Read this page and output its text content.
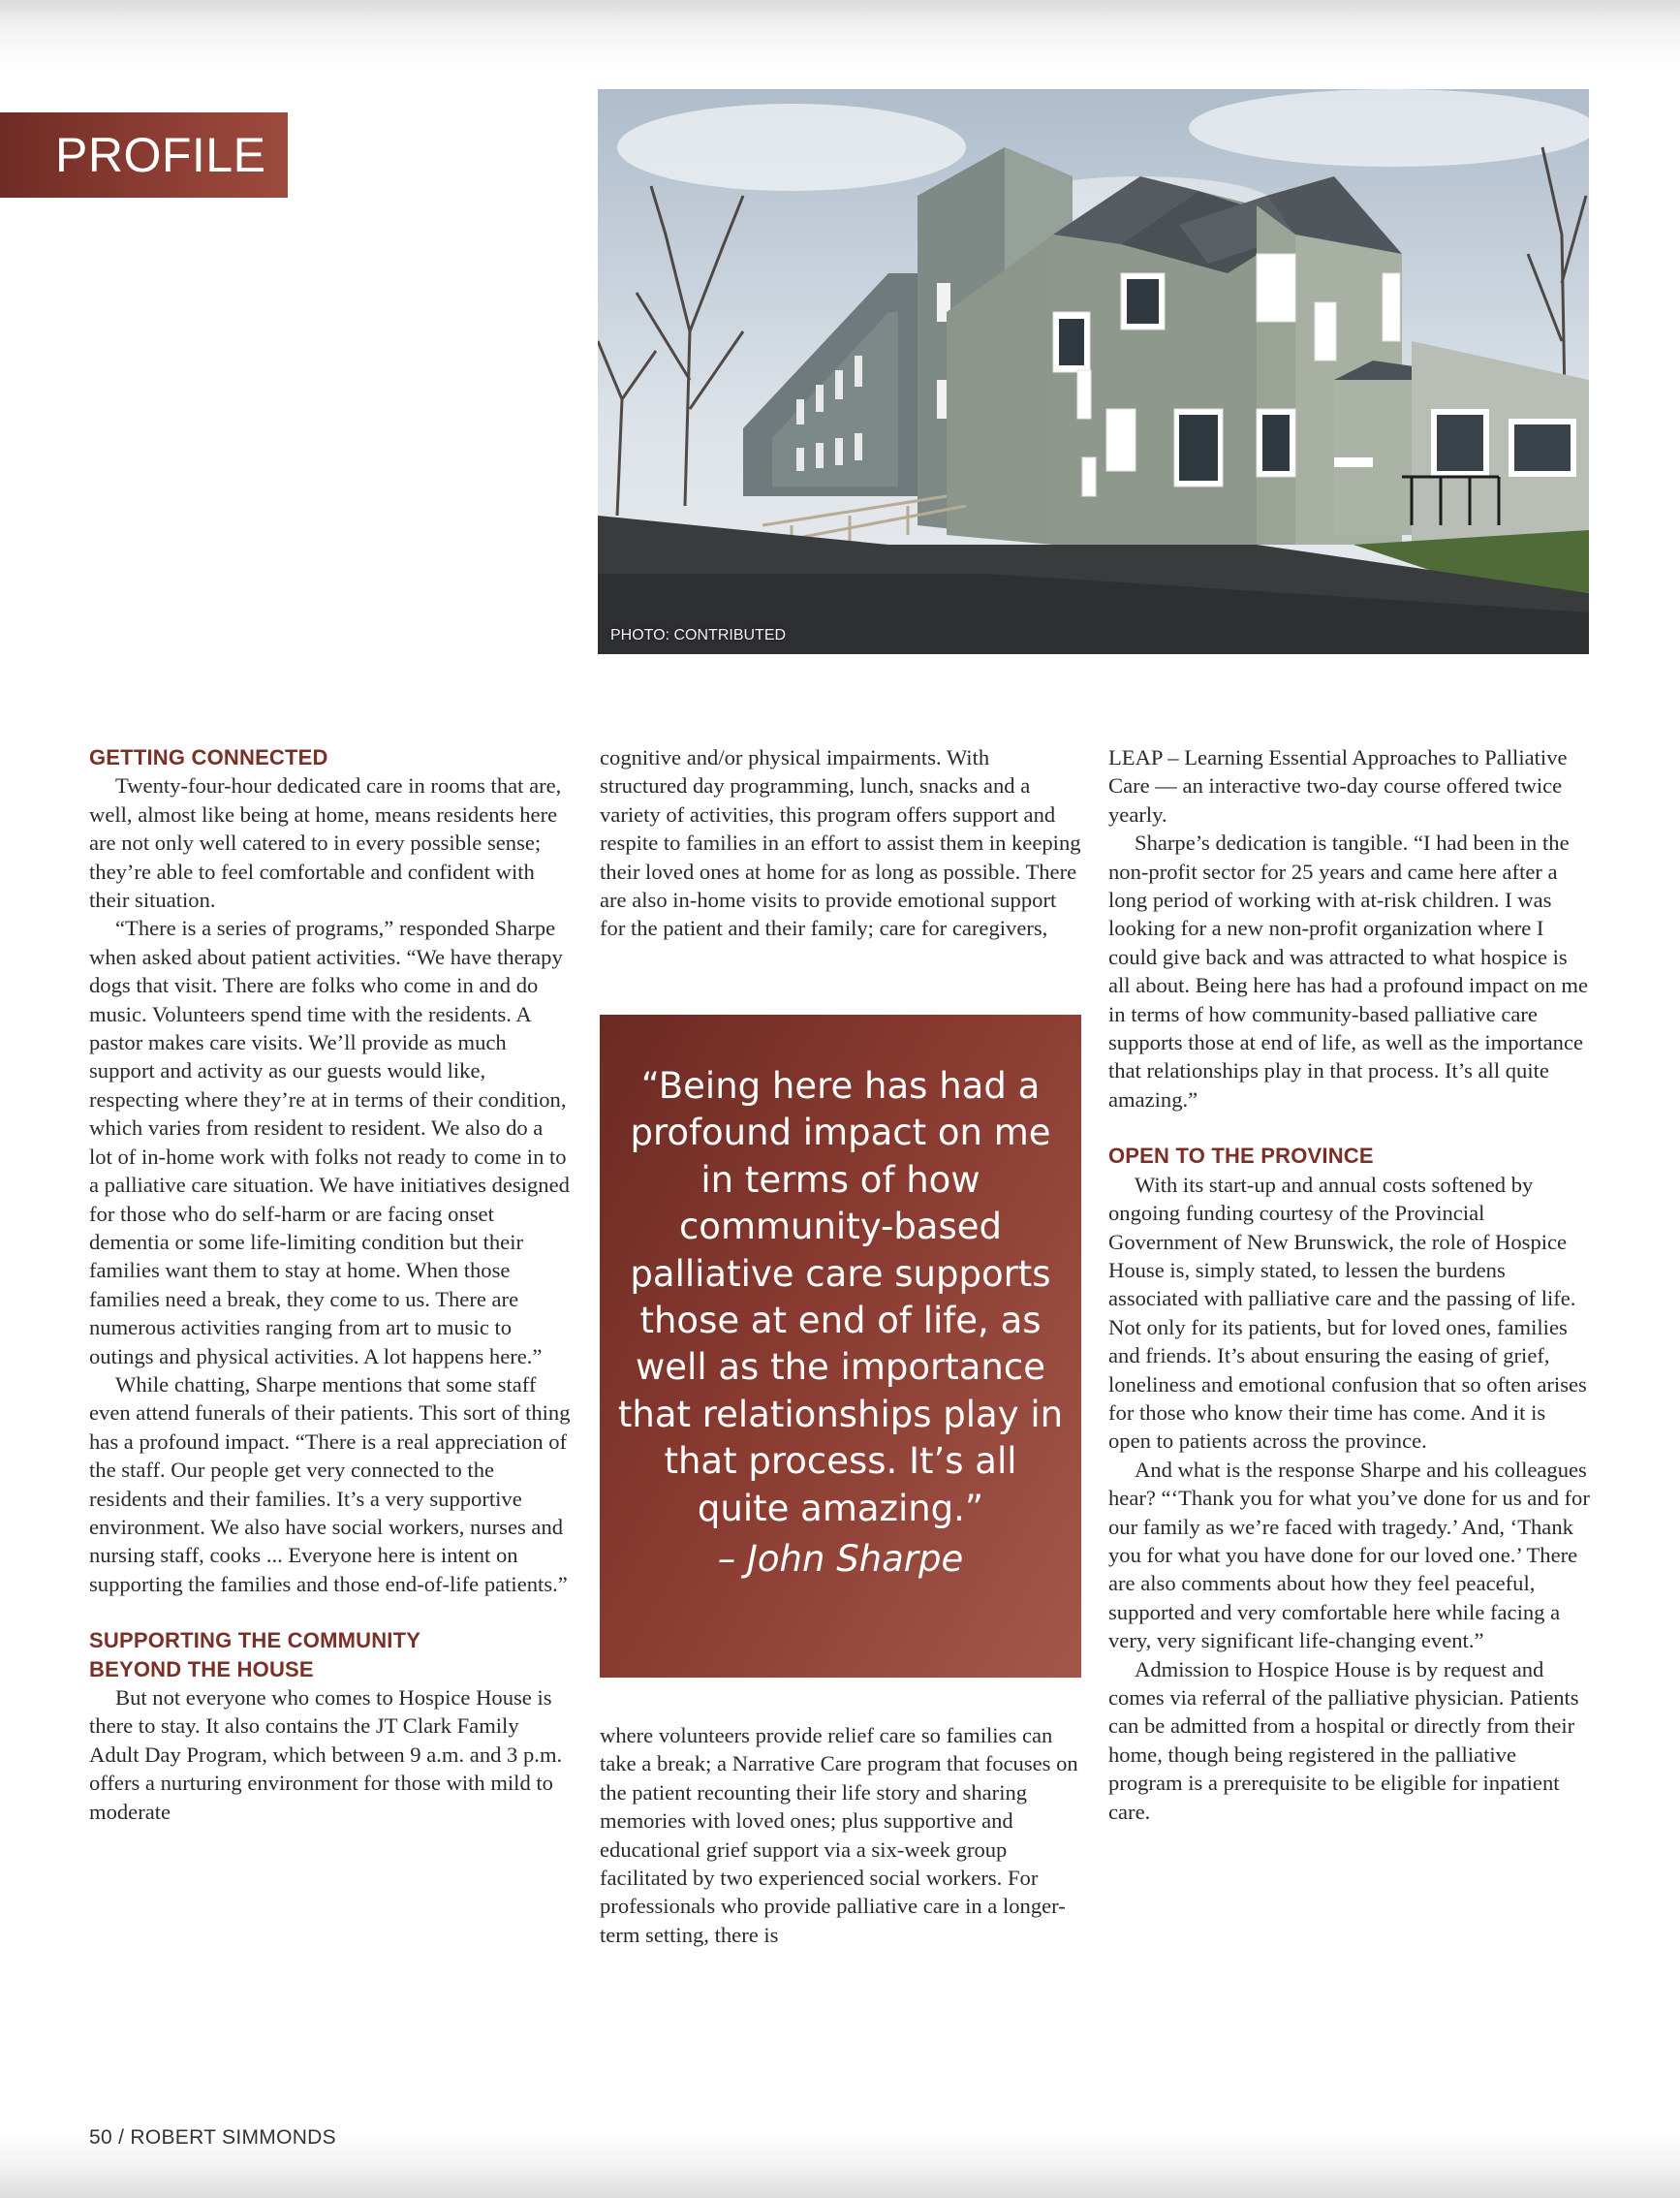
PROFILE
PHOTO: CONTRIBUTED
GETTING CONNECTED

Twenty-four-hour dedicated care in rooms that are, well, almost like being at home, means residents here are not only well catered to in every possible sense; they’re able to feel comfortable and confident with their situation.

“There is a series of programs,” responded Sharpe when asked about patient activities. “We have therapy dogs that visit. There are folks who come in and do music. Volunteers spend time with the residents. A pastor makes care visits. We’ll provide as much support and activity as our guests would like, respecting where they’re at in terms of their condition, which varies from resident to resident. We also do a lot of in-home work with folks not ready to come in to a palliative care situation. We have initiatives designed for those who do self-harm or are facing onset dementia or some life-limiting condition but their families want them to stay at home. When those families need a break, they come to us. There are numerous activities ranging from art to music to outings and physical activities. A lot happens here.”

While chatting, Sharpe mentions that some staff even attend funerals of their patients. This sort of thing has a profound impact. “There is a real appreciation of the staff. Our people get very connected to the residents and their families. It’s a very supportive environment. We also have social workers, nurses and nursing staff, cooks ... Everyone here is intent on supporting the families and those end-of-life patients.”

SUPPORTING THE COMMUNITY
BEYOND THE HOUSE

But not everyone who comes to Hospice House is there to stay. It also contains the JT Clark Family Adult Day Program, which between 9 a.m. and 3 p.m. offers a nurturing environment for those with mild to moderate

cognitive and/or physical impairments. With structured day programming, lunch, snacks and a variety of activities, this program offers support and respite to families in an effort to assist them in keeping their loved ones at home for as long as possible. There are also in-home visits to provide emotional support for the patient and their family; care for caregivers,

“Being here has had a profound impact on me in terms of how community-based palliative care supports those at end of life, as well as the importance that relationships play in that process. It’s all quite amazing.”
– John Sharpe

where volunteers provide relief care so families can take a break; a Narrative Care program that focuses on the patient recounting their life story and sharing memories with loved ones; plus supportive and educational grief support via a six-week group facilitated by two experienced social workers. For professionals who provide palliative care in a longer-term setting, there is

LEAP – Learning Essential Approaches to Palliative Care — an interactive two-day course offered twice yearly.

Sharpe’s dedication is tangible. “I had been in the non-profit sector for 25 years and came here after a long period of working with at-risk children. I was looking for a new non-profit organization where I could give back and was attracted to what hospice is all about. Being here has had a profound impact on me in terms of how community-based palliative care supports those at end of life, as well as the importance that relationships play in that process. It’s all quite amazing.”

OPEN TO THE PROVINCE

With its start-up and annual costs softened by ongoing funding courtesy of the Provincial Government of New Brunswick, the role of Hospice House is, simply stated, to lessen the burdens associated with palliative care and the passing of life. Not only for its patients, but for loved ones, families and friends. It’s about ensuring the easing of grief, loneliness and emotional confusion that so often arises for those who know their time has come. And it is open to patients across the province.

And what is the response Sharpe and his colleagues hear? “‘Thank you for what you’ve done for us and for our family as we’re faced with tragedy.’ And, ‘Thank you for what you have done for our loved one.’ There are also comments about how they feel peaceful, supported and very comfortable here while facing a very, very significant life-changing event.”

Admission to Hospice House is by request and comes via referral of the palliative physician. Patients can be admitted from a hospital or directly from their home, though being registered in the palliative program is a prerequisite to be eligible for inpatient care.

50 / ROBERT SIMMONDS
